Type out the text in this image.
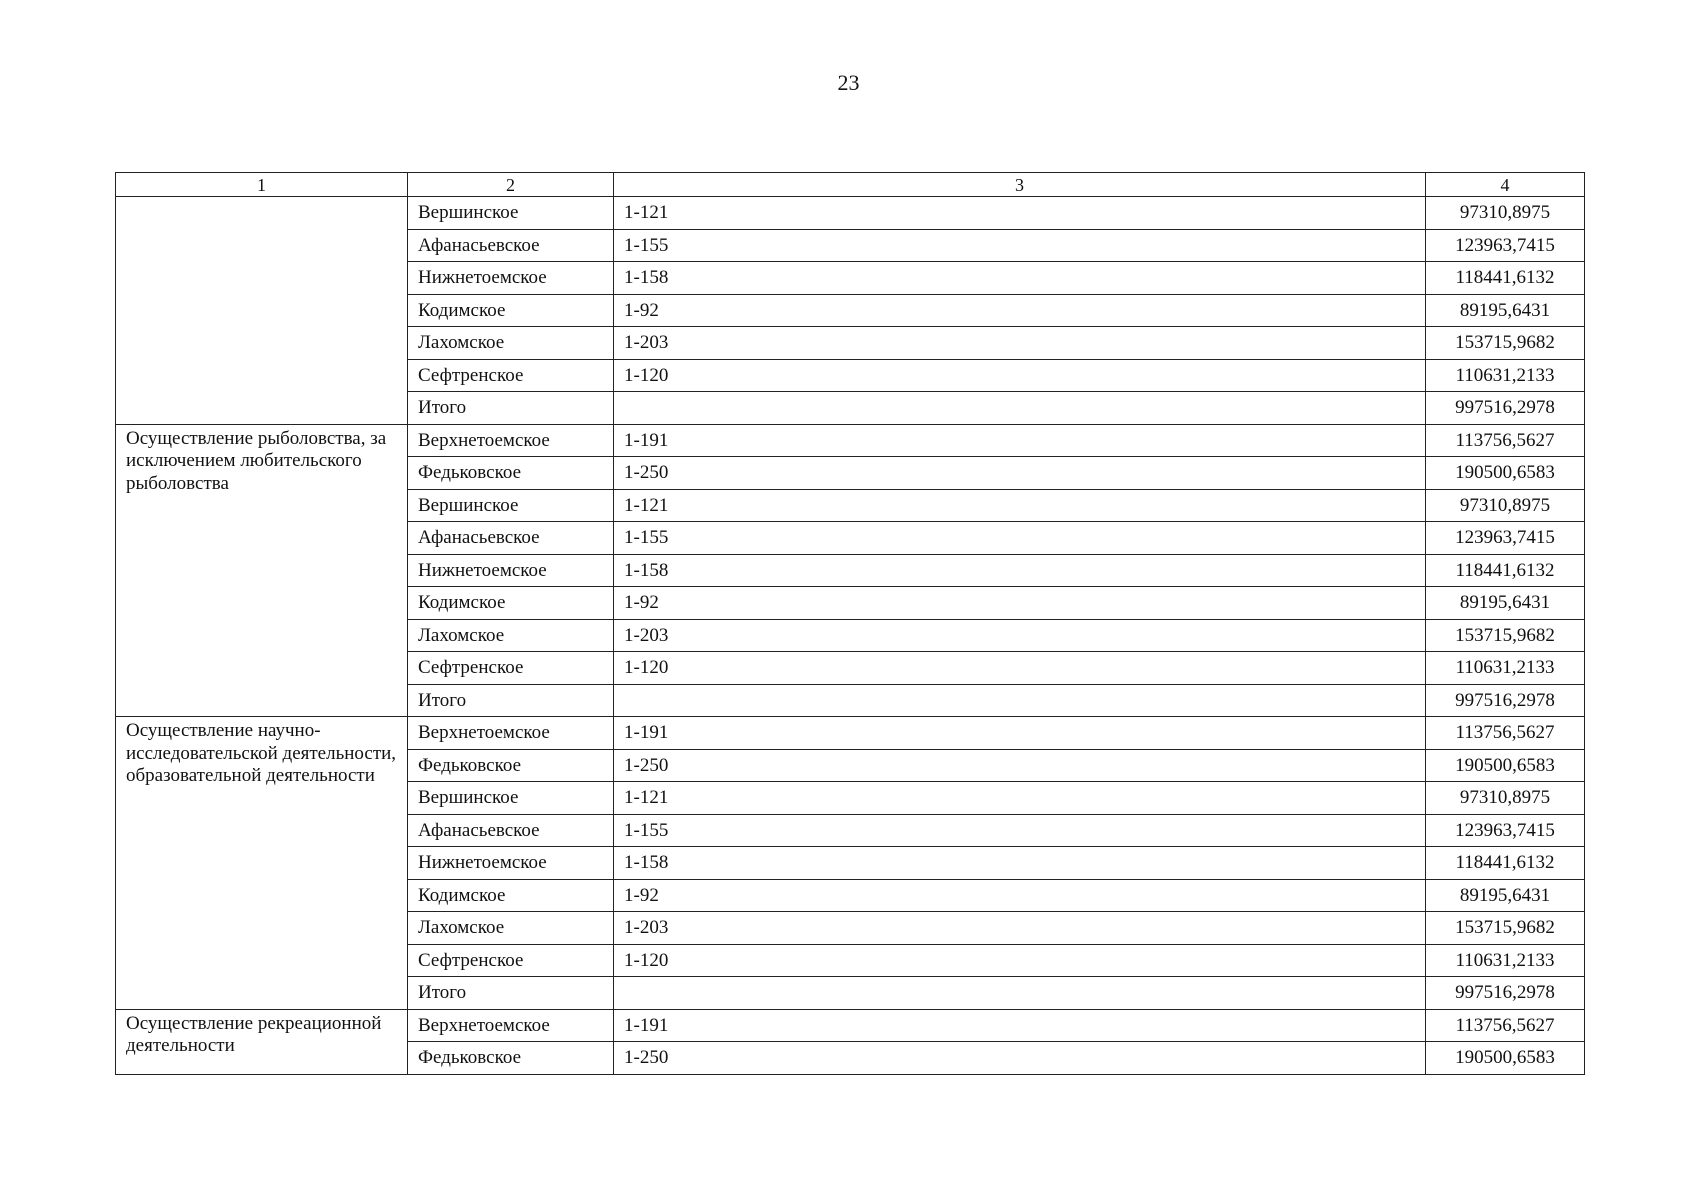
23
1	2	3	4
	Вершинское	1-121	97310,8975
	Афанасьевское	1-155	123963,7415
	Нижнетоемское	1-158	118441,6132
	Кодимское	1-92	89195,6431
	Лахомское	1-203	153715,9682
	Сефтренское	1-120	110631,2133
	Итого		997516,2978
Осуществление рыболовства, за исключением любительского рыболовства	Верхнетоемское	1-191	113756,5627
	Федьковское	1-250	190500,6583
	Вершинское	1-121	97310,8975
	Афанасьевское	1-155	123963,7415
	Нижнетоемское	1-158	118441,6132
	Кодимское	1-92	89195,6431
	Лахомское	1-203	153715,9682
	Сефтренское	1-120	110631,2133
	Итого		997516,2978
Осуществление научно-исследовательской деятельности, образовательной деятельности	Верхнетоемское	1-191	113756,5627
	Федьковское	1-250	190500,6583
	Вершинское	1-121	97310,8975
	Афанасьевское	1-155	123963,7415
	Нижнетоемское	1-158	118441,6132
	Кодимское	1-92	89195,6431
	Лахомское	1-203	153715,9682
	Сефтренское	1-120	110631,2133
	Итого		997516,2978
Осуществление рекреационной деятельности	Верхнетоемское	1-191	113756,5627
	Федьковское	1-250	190500,6583
